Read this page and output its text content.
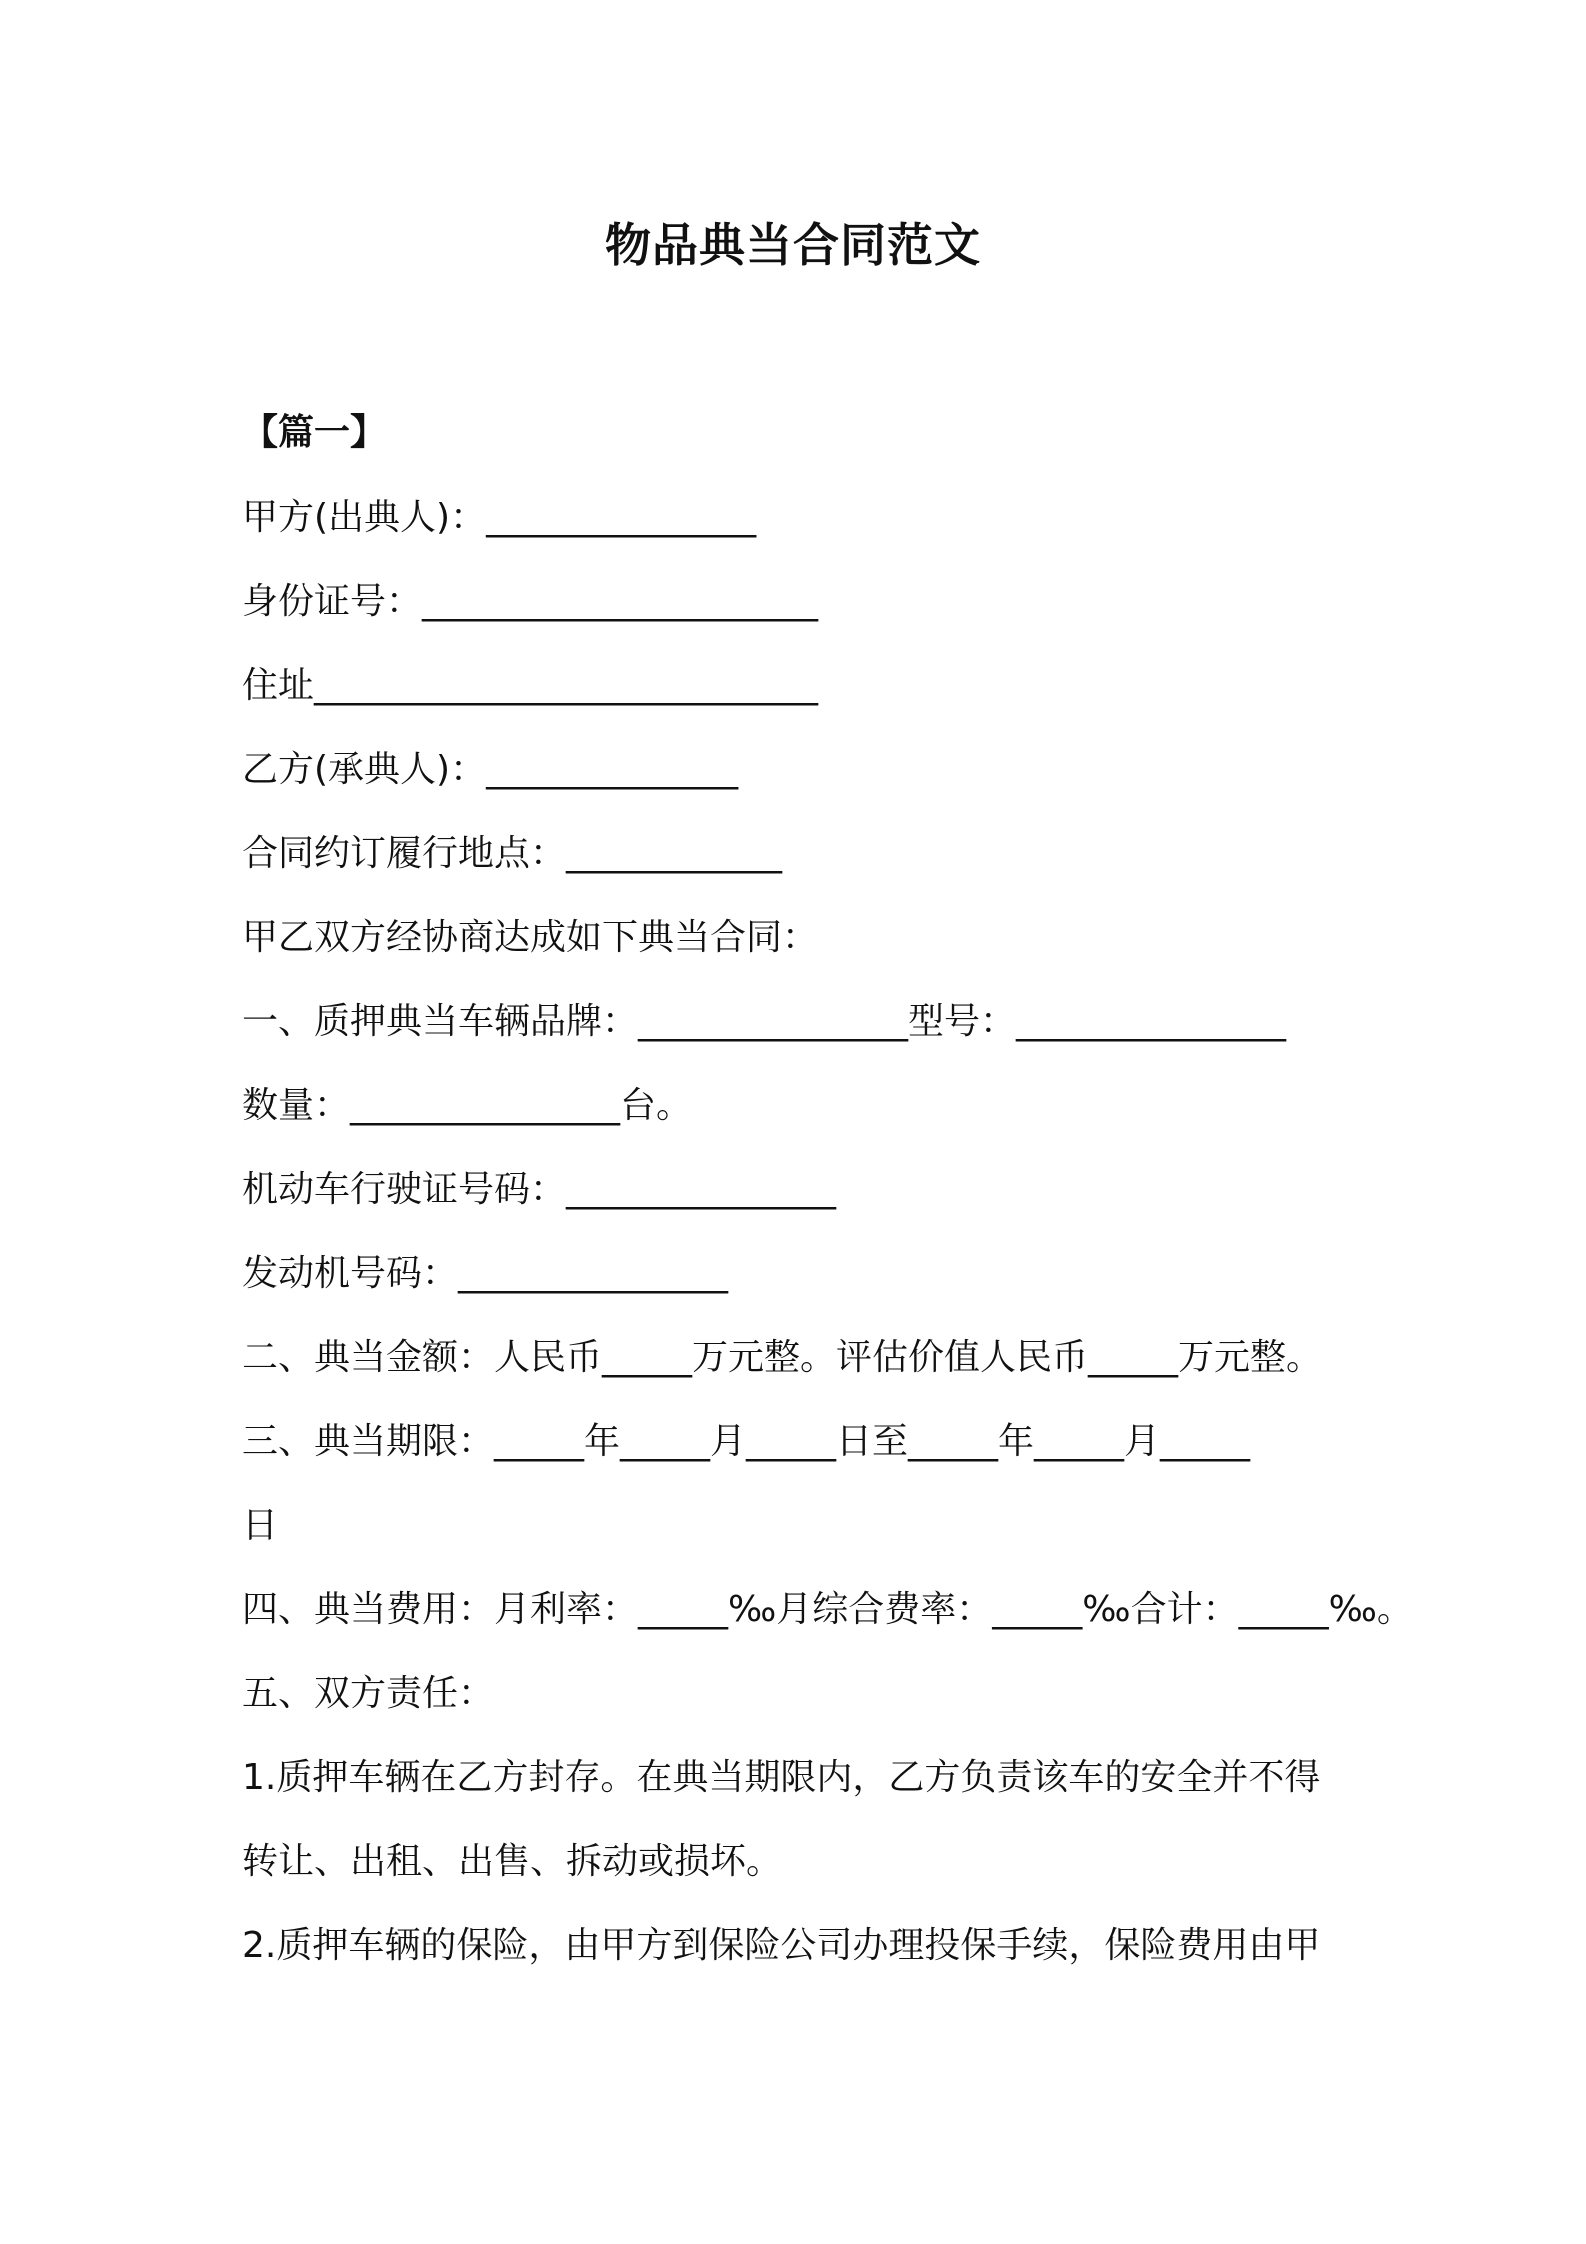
物品典当合同范文
【篇一】
甲方(出典人)：_______________
身份证号：______________________
住址____________________________
乙方(承典人)：______________
合同约订履行地点：____________
甲乙双方经协商达成如下典当合同：
一、质押典当车辆品牌：_______________型号：_______________
数量：_______________台。
机动车行驶证号码：_______________
发动机号码：_______________
二、典当金额：人民币_____万元整。评估价值人民币_____万元整。
三、典当期限：_____年_____月_____日至_____年_____月_____
日
四、典当费用：月利率：_____‰月综合费率：_____‰合计：_____‰。
五、双方责任：
1.质押车辆在乙方封存。在典当期限内，乙方负责该车的安全并不得
转让、出租、出售、拆动或损坏。
2.质押车辆的保险，由甲方到保险公司办理投保手续，保险费用由甲
